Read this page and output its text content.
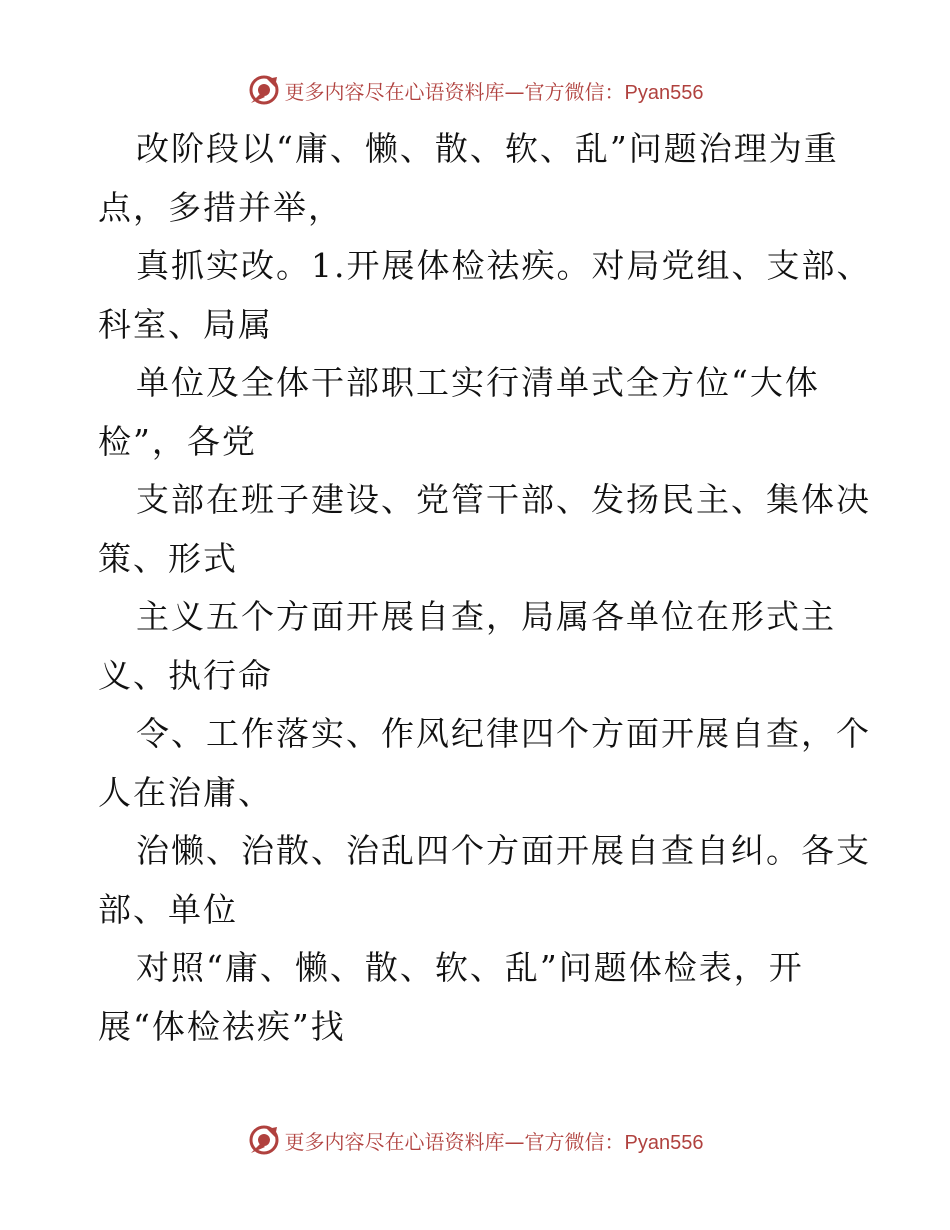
更多内容尽在心语资料库—官方微信：Pyan556
改阶段以“庸、懒、散、软、乱”问题治理为重
点，多措并举，
真抓实改。1.开展体检祛疾。对局党组、支部、
科室、局属
单位及全体干部职工实行清单式全方位“大体
检”，各党
支部在班子建设、党管干部、发扬民主、集体决
策、形式
主义五个方面开展自查，局属各单位在形式主
义、执行命
令、工作落实、作风纪律四个方面开展自查，个
人在治庸、
治懒、治散、治乱四个方面开展自查自纠。各支
部、单位
对照“庸、懒、散、软、乱”问题体检表，开
展“体检祛疾”找
更多内容尽在心语资料库—官方微信：Pyan556
